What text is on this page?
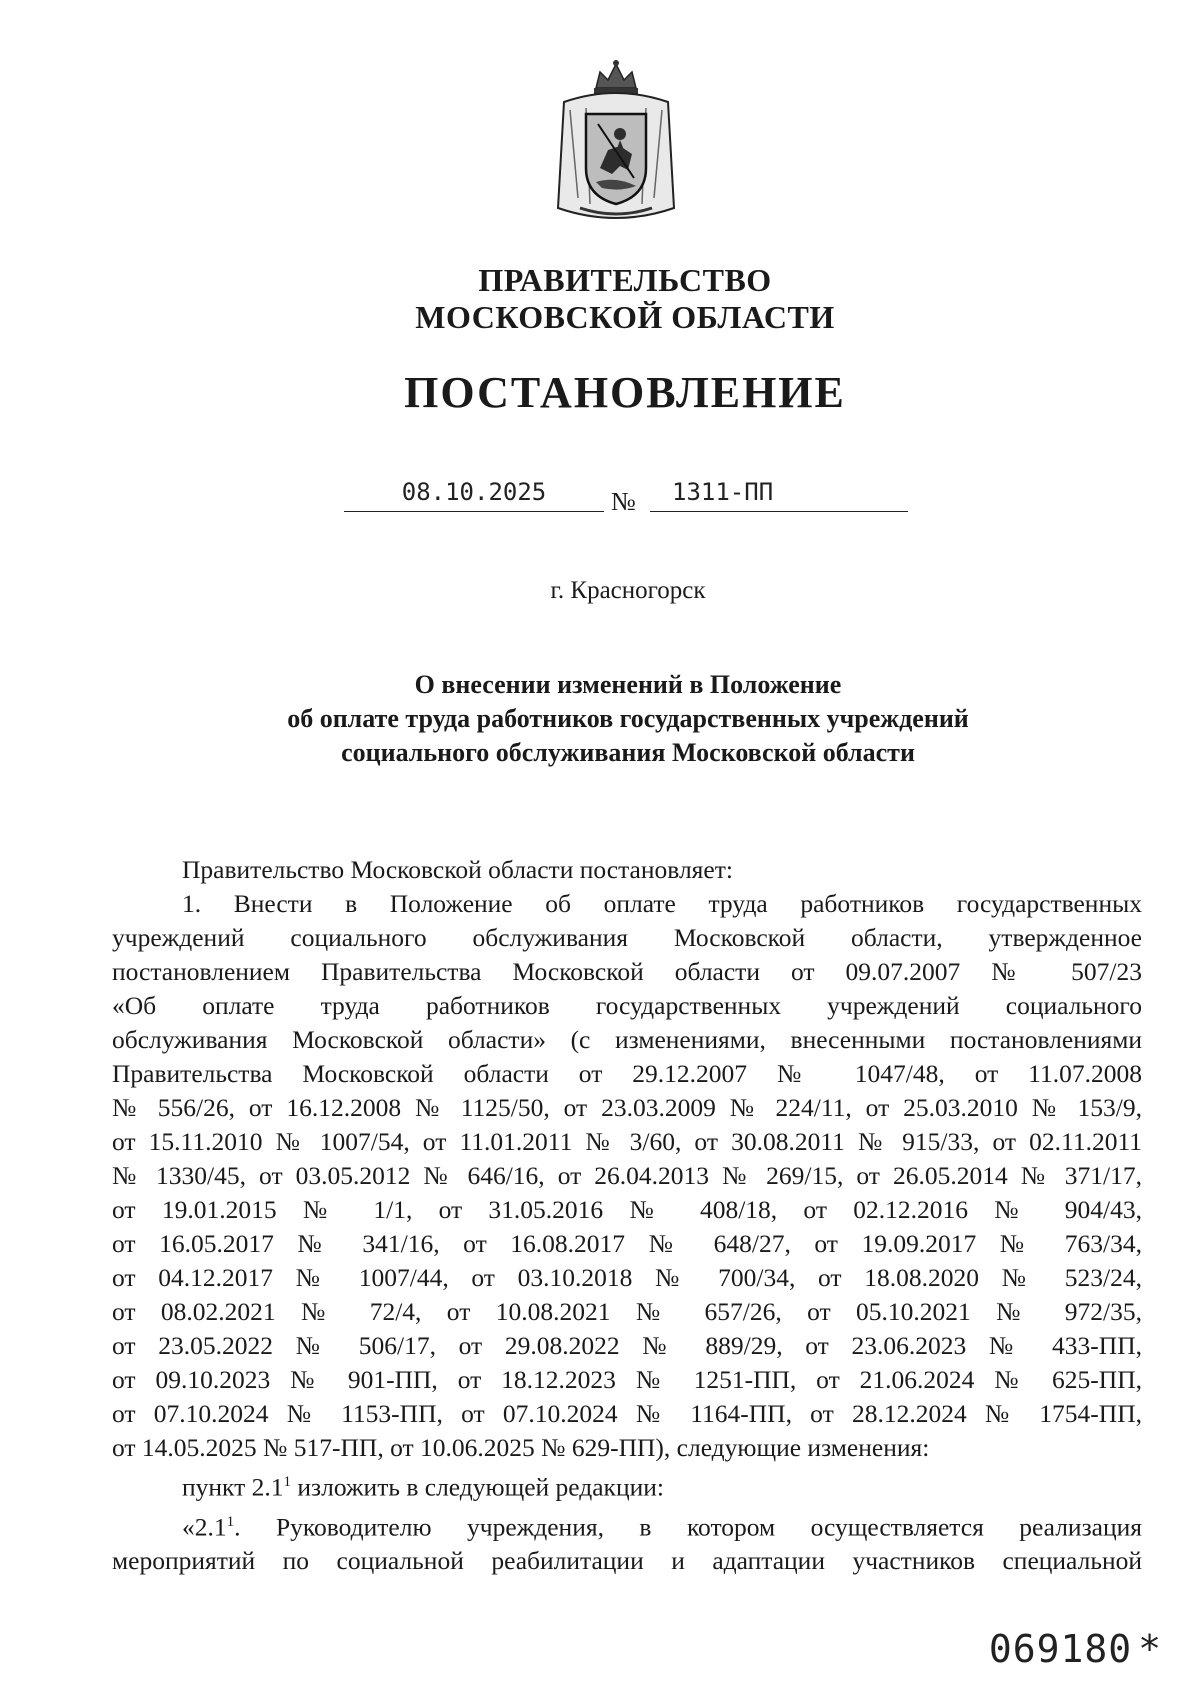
ПРАВИТЕЛЬСТВО
МОСКОВСКОЙ ОБЛАСТИ
ПОСТАНОВЛЕНИЕ
08.10.2025	№ 1311-ПП
г. Красногорск
О внесении изменений в Положение
об оплате труда работников государственных учреждений
социального обслуживания Московской области

Правительство Московской области постановляет:

1. Внести в Положение об оплате труда работников государственных

учреждений социального обслуживания Московской области, утвержденное

постановлением Правительства Московской области от 09.07.2007 № 507/23

«Об оплате труда работников государственных учреждений социального

обслуживания Московской области» (с изменениями, внесенными постановлениями

Правительства Московской области от 29.12.2007 № 1047/48, от 11.07.2008

№ 556/26, от 16.12.2008 № 1125/50, от 23.03.2009 № 224/11, от 25.03.2010 № 153/9,

от 15.11.2010 № 1007/54, от 11.01.2011 № 3/60, от 30.08.2011 № 915/33, от 02.11.2011

№ 1330/45, от 03.05.2012 № 646/16, от 26.04.2013 № 269/15, от 26.05.2014 № 371/17,

от 19.01.2015 № 1/1, от 31.05.2016 № 408/18, от 02.12.2016 № 904/43,

от 16.05.2017 № 341/16, от 16.08.2017 № 648/27, от 19.09.2017 № 763/34,

от 04.12.2017 № 1007/44, от 03.10.2018 № 700/34, от 18.08.2020 № 523/24,

от 08.02.2021 № 72/4, от 10.08.2021 № 657/26, от 05.10.2021 № 972/35,

от 23.05.2022 № 506/17, от 29.08.2022 № 889/29, от 23.06.2023 № 433-ПП,

от 09.10.2023 № 901-ПП, от 18.12.2023 № 1251-ПП, от 21.06.2024 № 625-ПП,

от 07.10.2024 № 1153-ПП, от 07.10.2024 № 1164-ПП, от 28.12.2024 № 1754-ПП,

от 14.05.2025 № 517-ПП, от 10.06.2025 № 629-ПП), следующие изменения:

пункт $2.1^1$ изложить в следующей редакции:

«$2.1^1$. Руководителю учреждения, в котором осуществляется реализация

мероприятий по социальной реабилитации и адаптации участников специальной

069180 *
